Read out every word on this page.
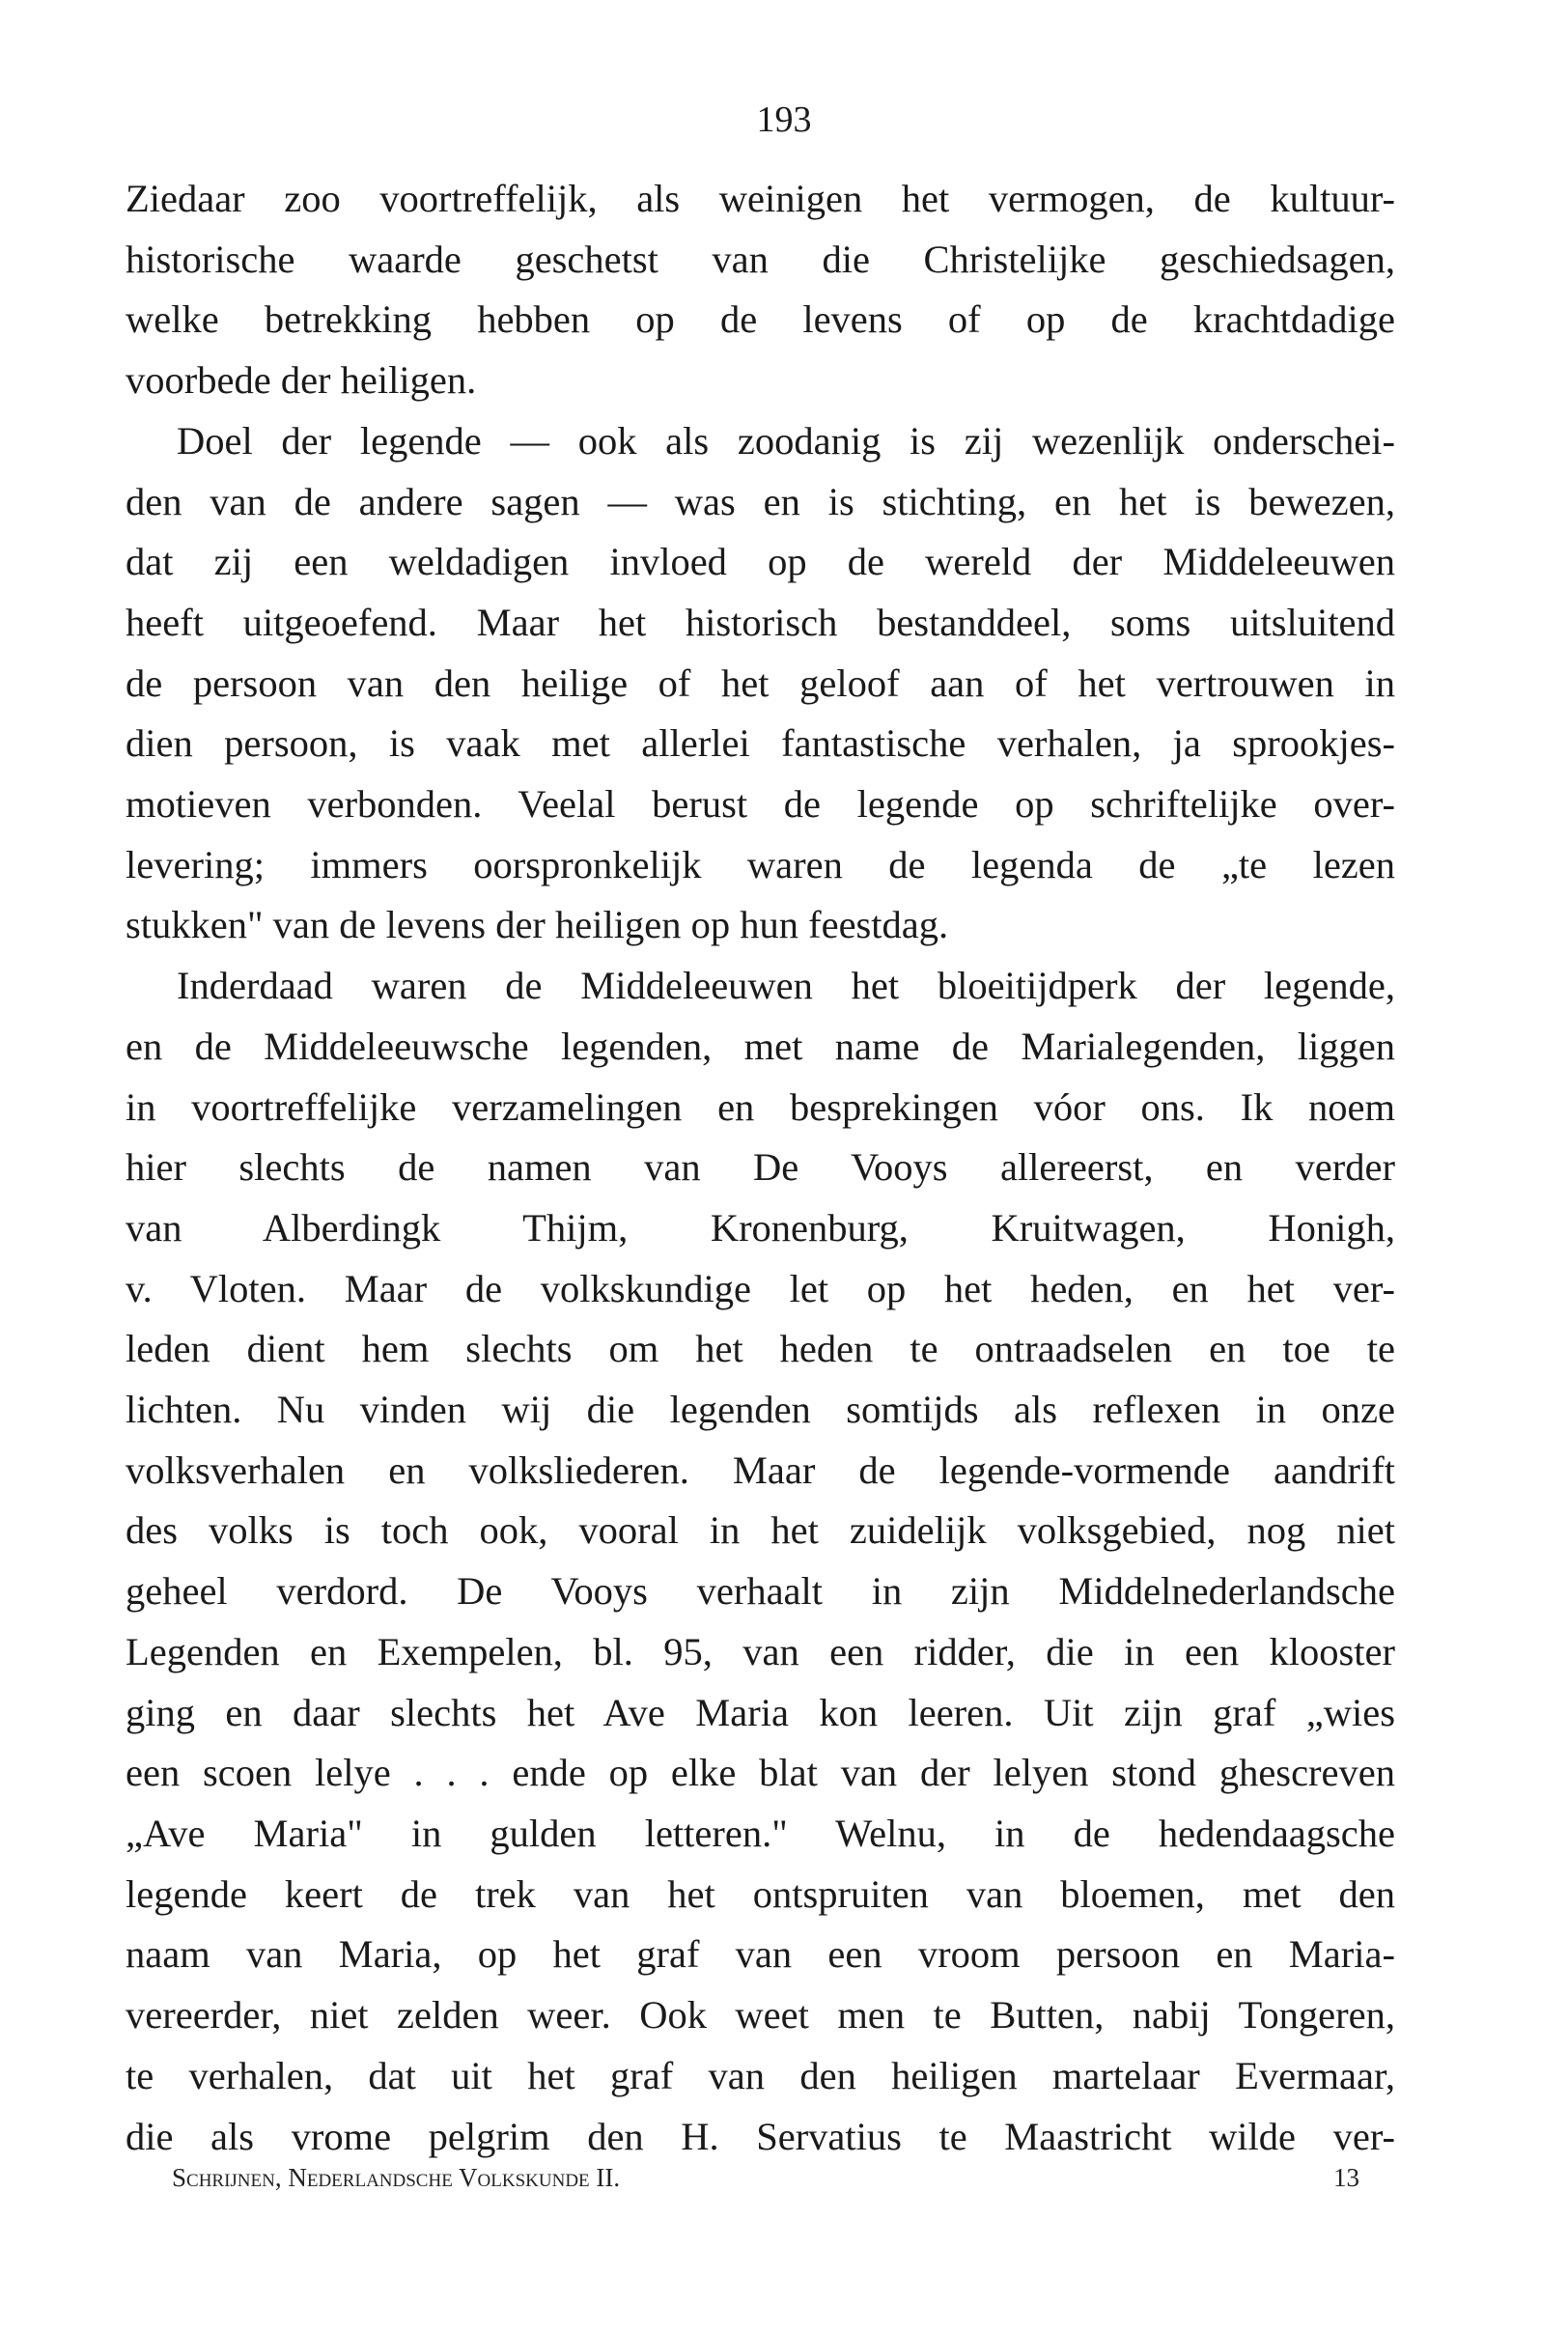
193
Ziedaar zoo voortreffelijk, als weinigen het vermogen, de kultuur-
historische waarde geschetst van die Christelijke geschiedsagen,
welke betrekking hebben op de levens of op de krachtdadige
voorbede der heiligen.
Doel der legende — ook als zoodanig is zij wezenlijk onderschei-
den van de andere sagen — was en is stichting, en het is bewezen,
dat zij een weldadigen invloed op de wereld der Middeleeuwen
heeft uitgeoefend. Maar het historisch bestanddeel, soms uitsluitend
de persoon van den heilige of het geloof aan of het vertrouwen in
dien persoon, is vaak met allerlei fantastische verhalen, ja sprookjes-
motieven verbonden. Veelal berust de legende op schriftelijke over-
levering; immers oorspronkelijk waren de legenda de „te lezen
stukken" van de levens der heiligen op hun feestdag.
Inderdaad waren de Middeleeuwen het bloeitijdperk der legende,
en de Middeleeuwsche legenden, met name de Marialegenden, liggen
in voortreffelijke verzamelingen en besprekingen vóor ons. Ik noem
hier slechts de namen van De Vooys allereerst, en verder
van Alberdingk Thijm, Kronenburg, Kruitwagen, Honigh,
v. Vloten. Maar de volkskundige let op het heden, en het ver-
leden dient hem slechts om het heden te ontraadselen en toe te
lichten. Nu vinden wij die legenden somtijds als reflexen in onze
volksverhalen en volksliederen. Maar de legende-vormende aandrift
des volks is toch ook, vooral in het zuidelijk volksgebied, nog niet
geheel verdord. De Vooys verhaalt in zijn Middelnederlandsche
Legenden en Exempelen, bl. 95, van een ridder, die in een klooster
ging en daar slechts het Ave Maria kon leeren. Uit zijn graf „wies
een scoen lelye . . . ende op elke blat van der lelyen stond ghescreven
„Ave Maria" in gulden letteren." Welnu, in de hedendaagsche
legende keert de trek van het ontspruiten van bloemen, met den
naam van Maria, op het graf van een vroom persoon en Maria-
vereerder, niet zelden weer. Ook weet men te Butten, nabij Tongeren,
te verhalen, dat uit het graf van den heiligen martelaar Evermaar,
die als vrome pelgrim den H. Servatius te Maastricht wilde ver-
Schrijnen, Nederlandsche Volkskunde II.	13
